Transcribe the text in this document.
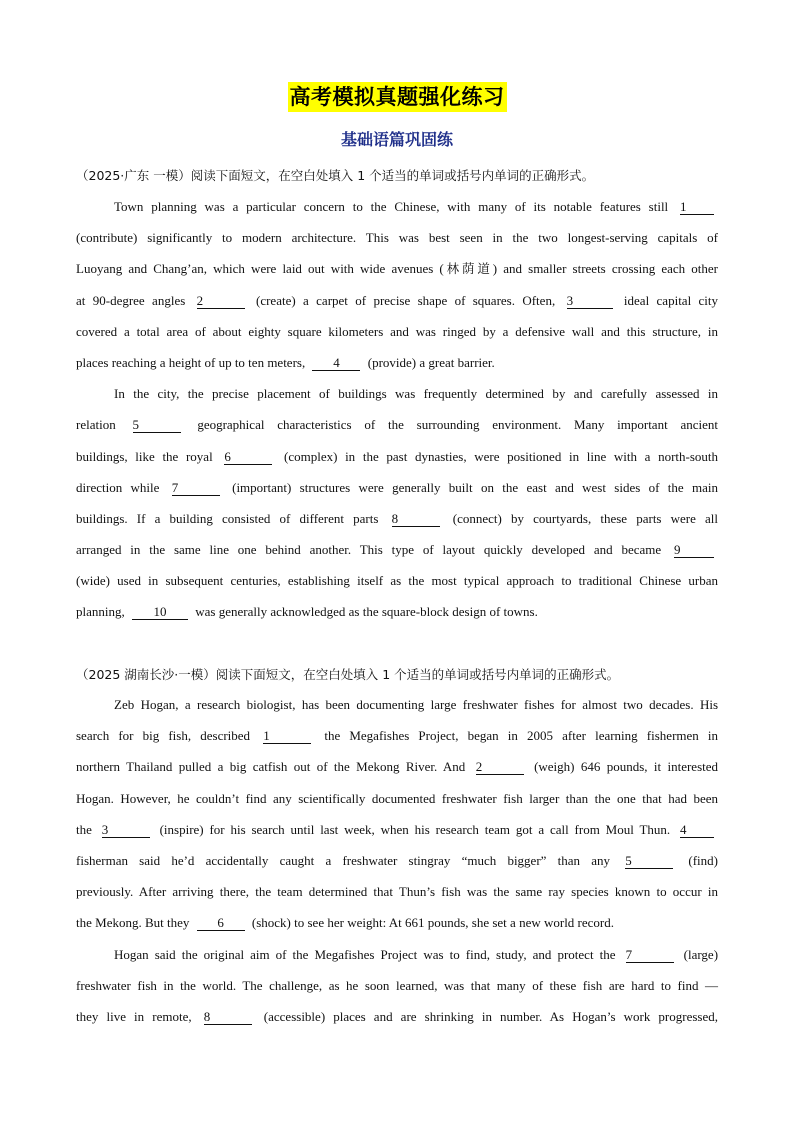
高考模拟真题强化练习
基础语篇巩固练
（2025·广东 一模）阅读下面短文，在空白处填入 1 个适当的单词或括号内单词的正确形式。
Town planning was a particular concern to the Chinese, with many of its notable features still 1
(contribute) significantly to modern architecture. This was best seen in the two longest-serving capitals of
Luoyang and Chang’an, which were laid out with wide avenues (林荫道) and smaller streets crossing each other
at 90-degree angles 2	(create) a carpet of precise shape of squares. Often, 3	ideal capital city
covered a total area of about eighty square kilometers and was ringed by a defensive wall and this structure, in
places reaching a height of up to ten meters, 4 (provide) a great barrier.
In the city, the precise placement of buildings was frequently determined by and carefully assessed in
relation 5	geographical characteristics of the surrounding environment. Many important ancient
buildings, like the royal 6	(complex) in the past dynasties, were positioned in line with a north-south
direction while 7	(important) structures were generally built on the east and west sides of the main
buildings. If a building consisted of different parts 8	(connect) by courtyards, these parts were all
arranged in the same line one behind another. This type of layout quickly developed and became 9
(wide) used in subsequent centuries, establishing itself as the most typical approach to traditional Chinese urban
planning, 10 was generally acknowledged as the square-block design of towns.
（2025 湖南长沙·一模）阅读下面短文，在空白处填入 1 个适当的单词或括号内单词的正确形式。
Zeb Hogan, a research biologist, has been documenting large freshwater fishes for almost two decades. His
search for big fish, described 1	the Megafishes Project, began in 2005 after learning fishermen in
northern Thailand pulled a big catfish out of the Mekong River. And 2	(weigh) 646 pounds, it interested
Hogan. However, he couldn’t find any scientifically documented freshwater fish larger than the one that had been
the 3	(inspire) for his search until last week, when his research team got a call from Moul Thun. 4
fisherman said he’d accidentally caught a freshwater stingray “much bigger” than any 5	(find)
previously. After arriving there, the team determined that Thun’s fish was the same ray species known to occur in
the Mekong. But they 6 (shock) to see her weight: At 661 pounds, she set a new world record.
Hogan said the original aim of the Megafishes Project was to find, study, and protect the 7	(large)
freshwater fish in the world. The challenge, as he soon learned, was that many of these fish are hard to find —
they live in remote, 8	(accessible) places and are shrinking in number. As Hogan’s work progressed,
